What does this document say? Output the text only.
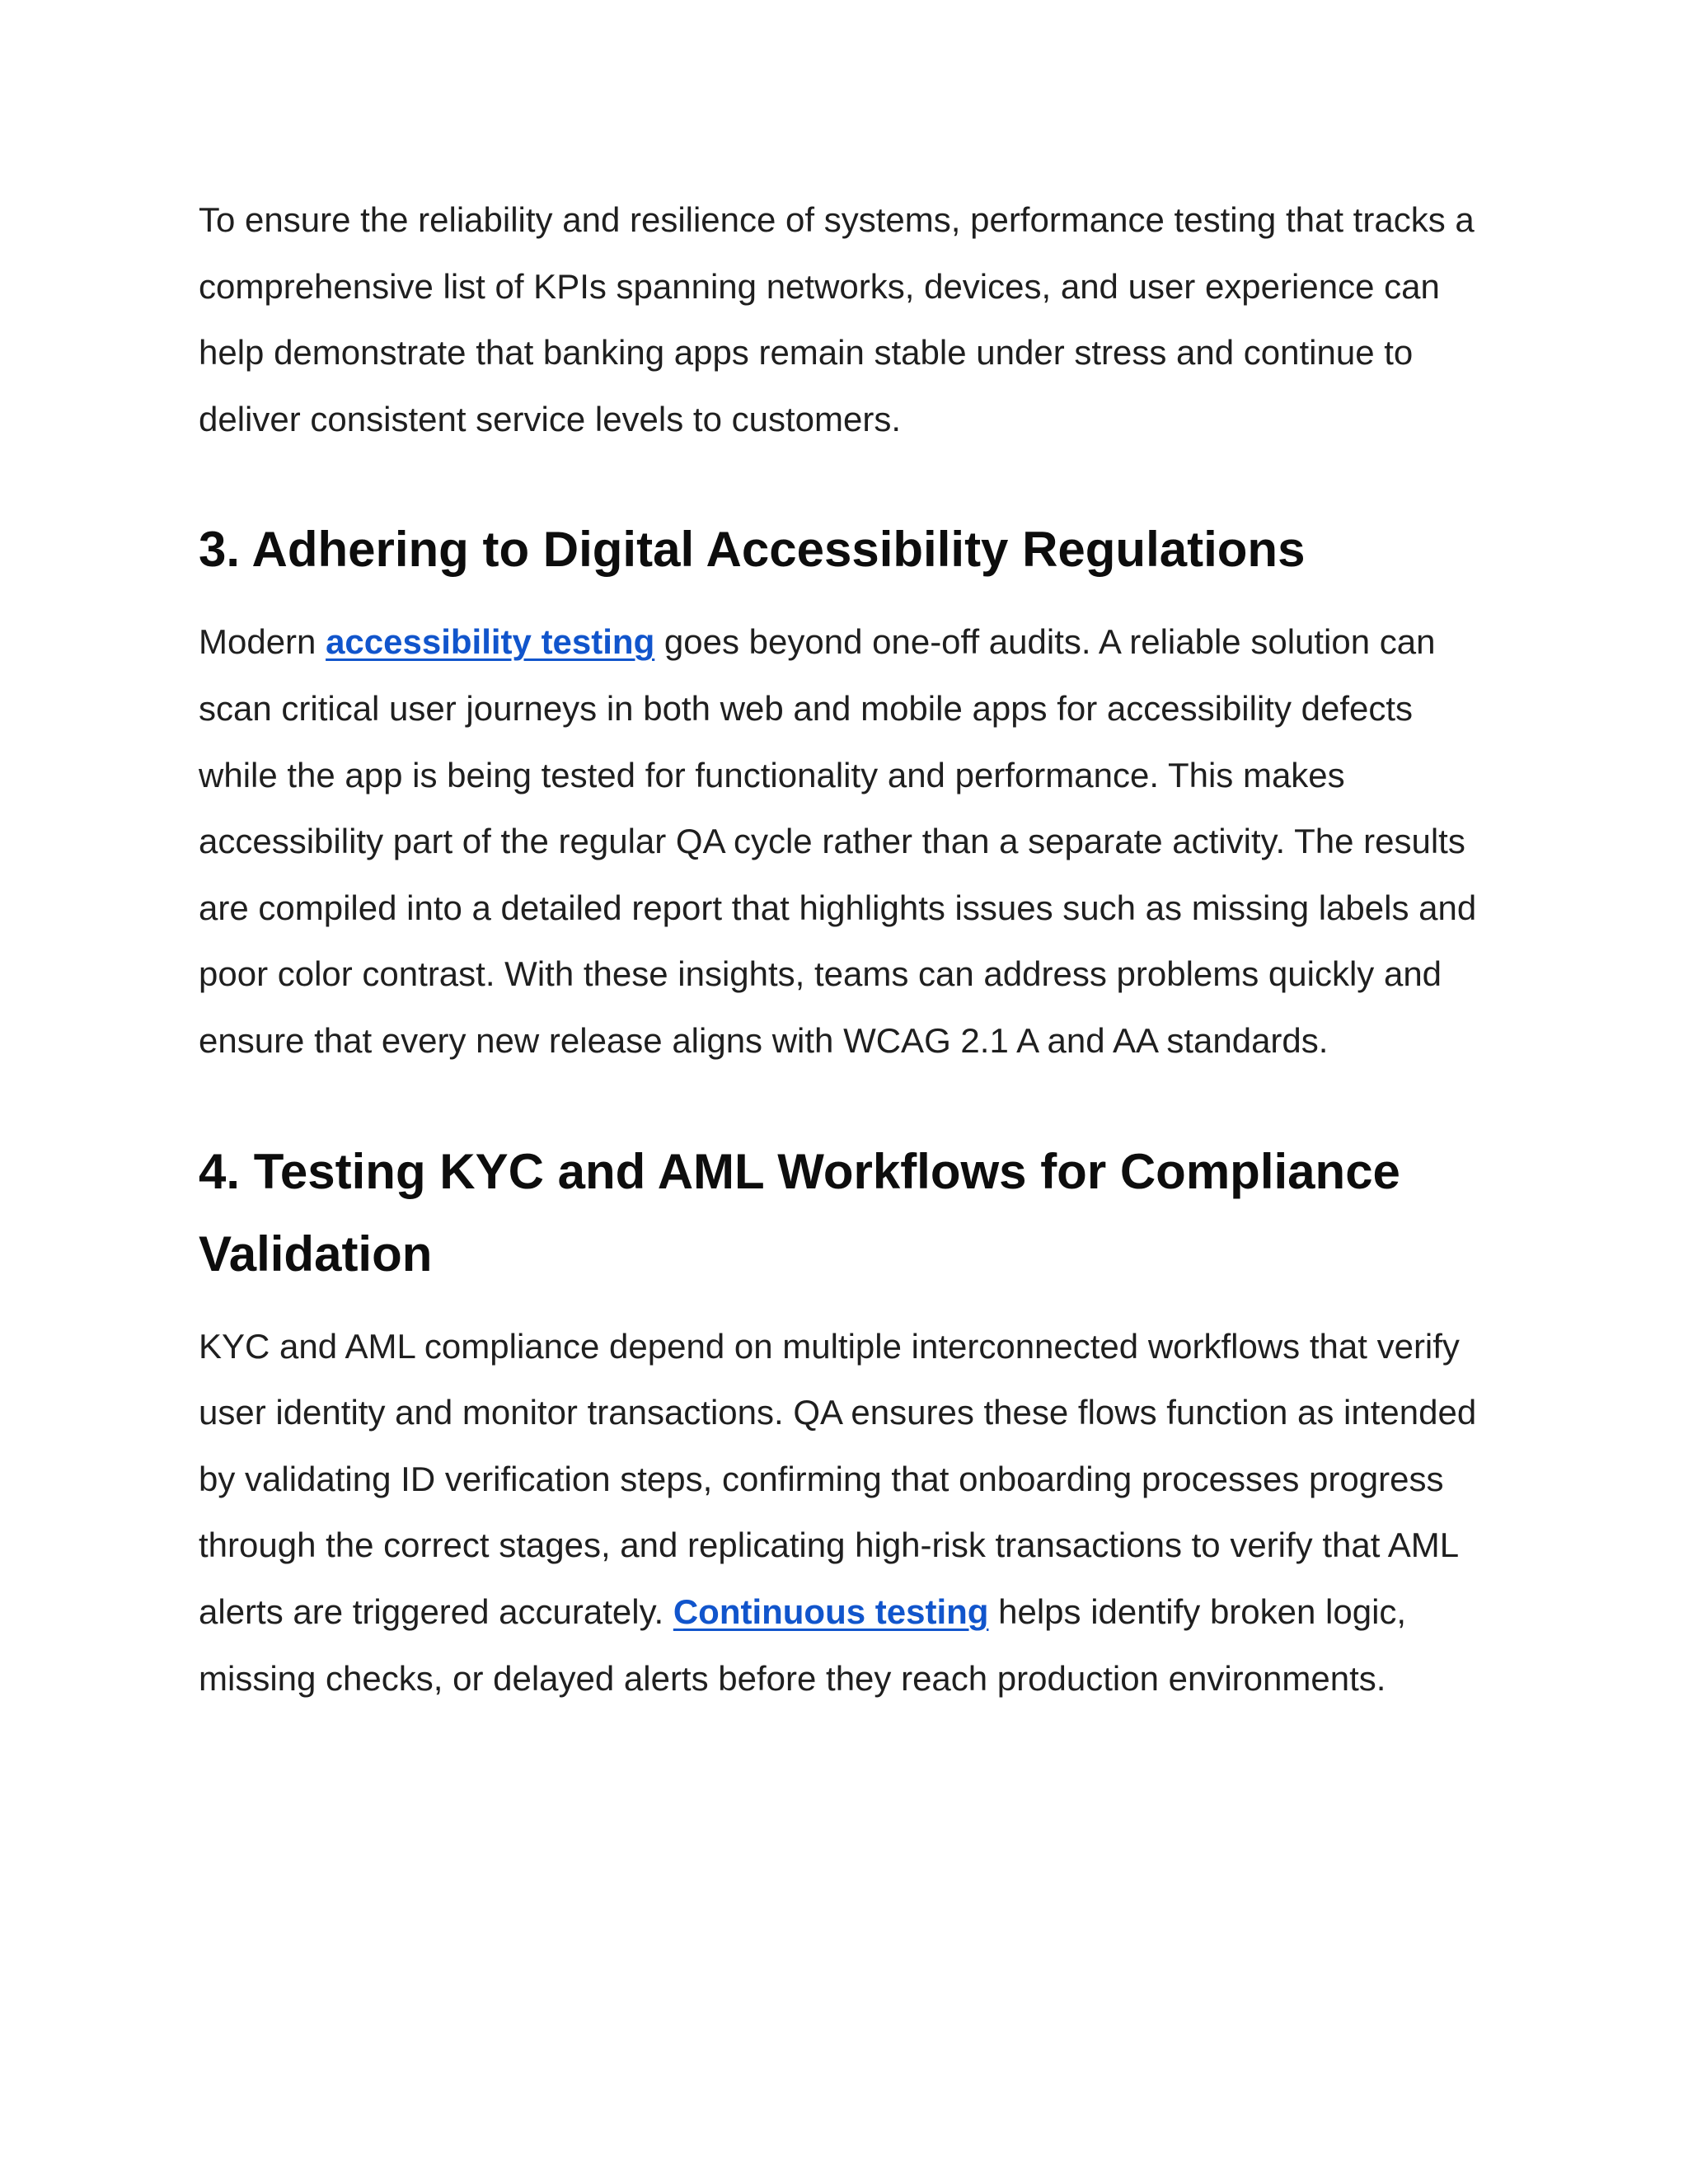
To ensure the reliability and resilience of systems, performance testing that tracks a comprehensive list of KPIs spanning networks, devices, and user experience can help demonstrate that banking apps remain stable under stress and continue to deliver consistent service levels to customers.

3. Adhering to Digital Accessibility Regulations

Modern accessibility testing goes beyond one-off audits. A reliable solution can scan critical user journeys in both web and mobile apps for accessibility defects while the app is being tested for functionality and performance. This makes accessibility part of the regular QA cycle rather than a separate activity. The results are compiled into a detailed report that highlights issues such as missing labels and poor color contrast. With these insights, teams can address problems quickly and ensure that every new release aligns with WCAG 2.1 A and AA standards.

4. Testing KYC and AML Workflows for Compliance Validation

KYC and AML compliance depend on multiple interconnected workflows that verify user identity and monitor transactions. QA ensures these flows function as intended by validating ID verification steps, confirming that onboarding processes progress through the correct stages, and replicating high-risk transactions to verify that AML alerts are triggered accurately. Continuous testing helps identify broken logic, missing checks, or delayed alerts before they reach production environments.
